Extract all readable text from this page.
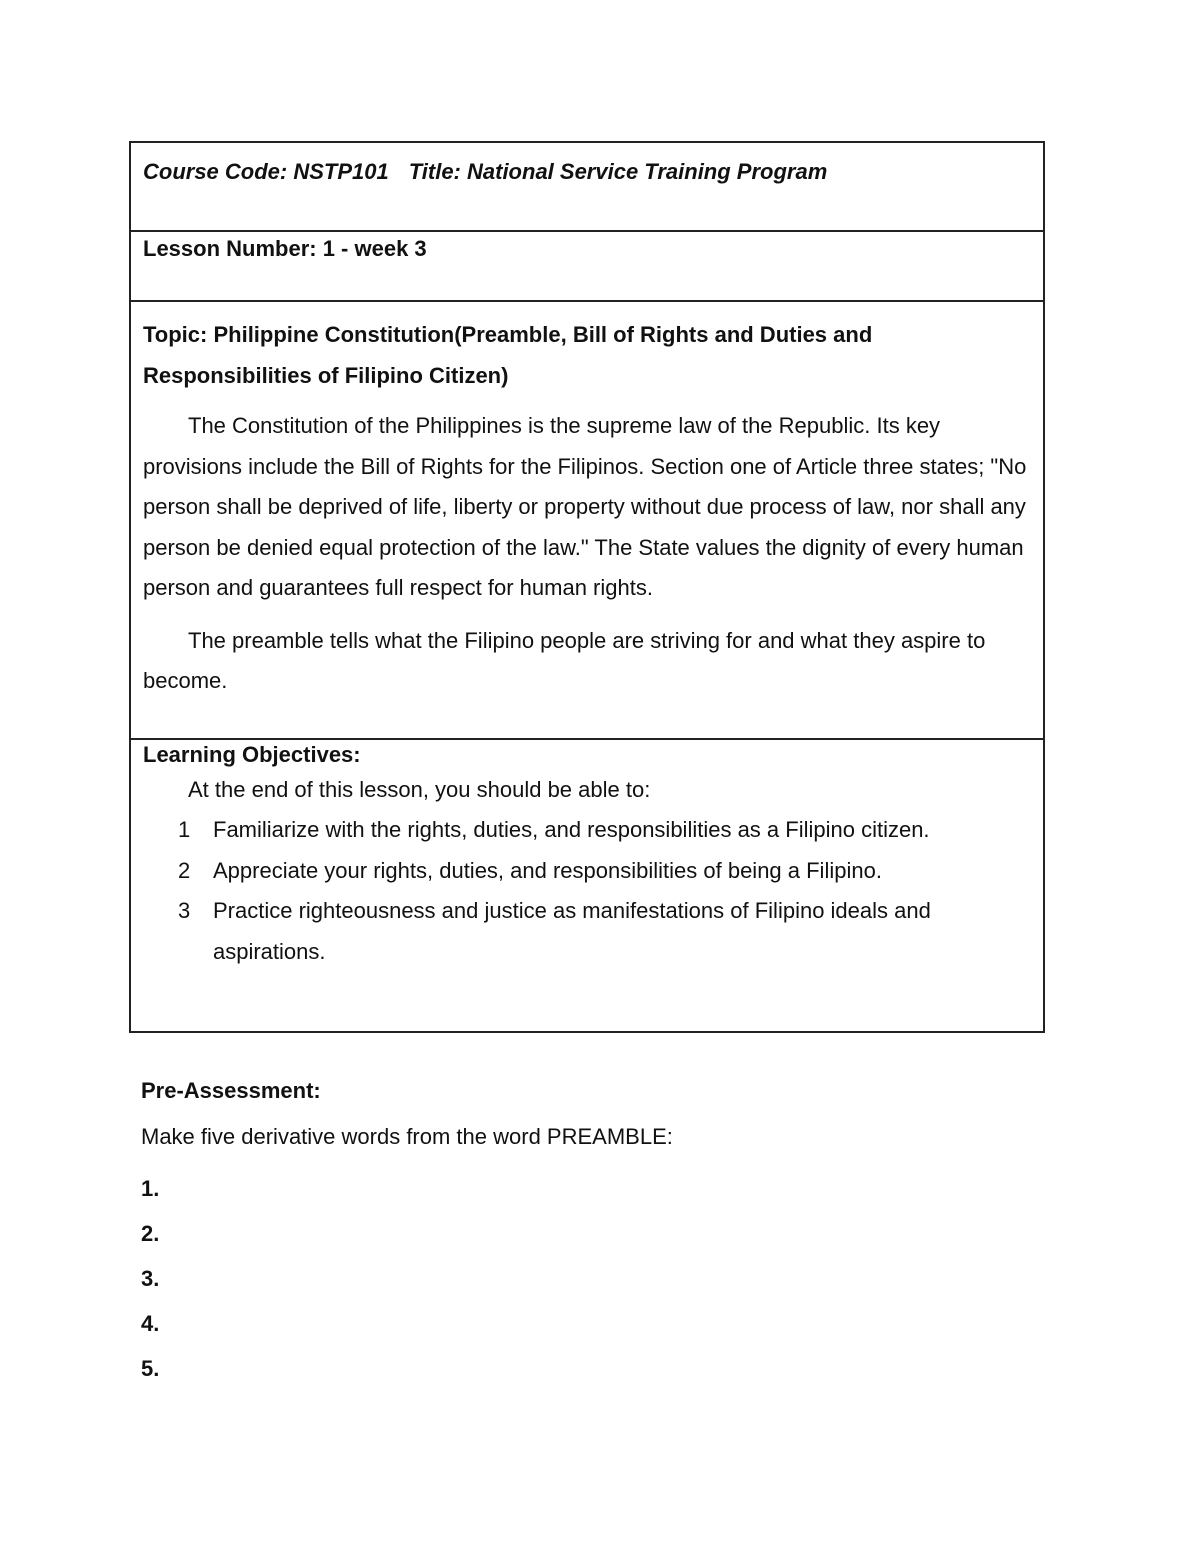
Course Code: NSTP101 Title: National Service Training Program
Lesson Number: 1 - week 3

Topic: Philippine Constitution(Preamble, Bill of Rights and Duties and
Responsibilities of Filipino Citizen)

The Constitution of the Philippines is the supreme law of the Republic. Its key provisions include the Bill of Rights for the Filipinos. Section one of Article three states; "No person shall be deprived of life, liberty or property without due process of law, nor shall any person be denied equal protection of the law." The State values the dignity of every human person and guarantees full respect for human rights.

The preamble tells what the Filipino people are striving for and what they aspire to become.

Learning Objectives:

At the end of this lesson, you should be able to:

1	Familiarize with the rights, duties, and responsibilities as a Filipino citizen.
2	Appreciate your rights, duties, and responsibilities of being a Filipino.
3	Practice righteousness and justice as manifestations of Filipino ideals and aspirations.

Pre-Assessment:

Make five derivative words from the word PREAMBLE:

1.
2.
3.
4.
5.
